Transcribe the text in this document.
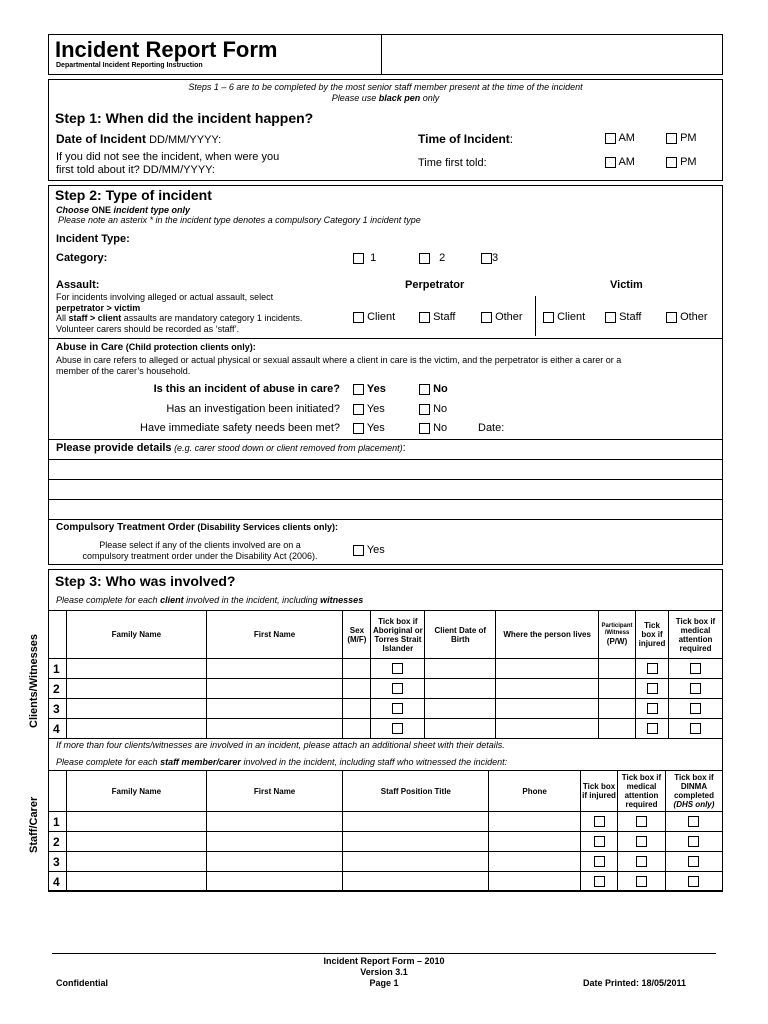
Incident Report Form
Departmental Incident Reporting Instruction
Steps 1 – 6 are to be completed by the most senior staff member present at the time of the incident
Please use black pen only
Step 1: When did the incident happen?
Date of Incident DD/MM/YYYY:	Time of Incident:	AM	PM
If you did not see the incident, when were you
first told about it? DD/MM/YYYY:
Time first told:	AM	PM
Step 2: Type of incident
Choose ONE incident type only
Please note an asterix * in the incident type denotes a compulsory Category 1 incident type
Incident Type:
Category:	1	2	3
Assault:	Perpetrator	Victim
For incidents involving alleged or actual assault, select
perpetrator > victim
All staff > client assaults are mandatory category 1 incidents.
Volunteer carers should be recorded as ‘staff’.
Client	Staff	Other	Client	Staff	Other
Abuse in Care (Child protection clients only):
Abuse in care refers to alleged or actual physical or sexual assault where a client in care is the victim, and the perpetrator is either a carer or a
member of the carer’s household.
Is this an incident of abuse in care?	Yes	No
Has an investigation been initiated?	Yes	No
Have immediate safety needs been met?	Yes	No	Date:
Please provide details (e.g. carer stood down or client removed from placement):
Compulsory Treatment Order (Disability Services clients only):
Please select if any of the clients involved are on a
compulsory treatment order under the Disability Act (2006).	Yes
Step 3: Who was involved?
Please complete for each client involved in the incident, including witnesses
Clients/Witnesses
		Family Name	First Name	Sex (M/F)	Tick box if Aboriginal or Torres Strait Islander	Client Date of Birth	Where the person lives	Participant /Witness
(P/W)	Tick box if injured	Tick box if medical attention required
1									
2									
3									
4									
If more than four clients/witnesses are involved in an incident, please attach an additional sheet with their details.
Please complete for each staff member/carer involved in the incident, including staff who witnessed the incident:
Staff/Carer
	Family Name	First Name	Staff Position Title	Phone	Tick box if injured	Tick box if medical attention required	Tick box if DINMA completed
(DHS only)

1							
2							
3							
4							
Incident Report Form – 2010
Version 3.1
Page 1
Confidential	Date Printed: 18/05/2011
